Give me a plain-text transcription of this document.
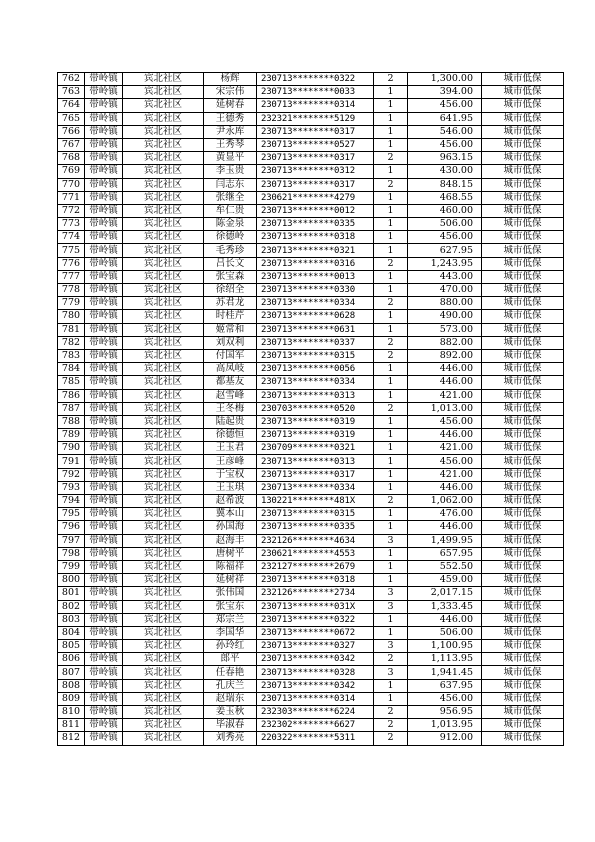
762	带岭镇	宾北社区	杨辉	230713********0322	2	1,300.00	城市低保
763	带岭镇	宾北社区	宋宗伟	230713********0033	1	394.00	城市低保
764	带岭镇	宾北社区	延树春	230713********0314	1	456.00	城市低保
765	带岭镇	宾北社区	王德秀	232321********5129	1	641.95	城市低保
766	带岭镇	宾北社区	尹永库	230713********0317	1	546.00	城市低保
767	带岭镇	宾北社区	王秀琴	230713********0527	1	456.00	城市低保
768	带岭镇	宾北社区	黄显平	230713********0317	2	963.15	城市低保
769	带岭镇	宾北社区	李玉贵	230713********0312	1	430.00	城市低保
770	带岭镇	宾北社区	闫志东	230713********0317	2	848.15	城市低保
771	带岭镇	宾北社区	张继全	230621********4279	1	468.55	城市低保
772	带岭镇	宾北社区	牟仁贵	230713********0012	1	460.00	城市低保
773	带岭镇	宾北社区	陈金泉	230713********0335	1	506.00	城市低保
774	带岭镇	宾北社区	徐德岭	230713********0318	1	456.00	城市低保
775	带岭镇	宾北社区	毛秀珍	230713********0321	1	627.95	城市低保
776	带岭镇	宾北社区	吕长文	230713********0316	2	1,243.95	城市低保
777	带岭镇	宾北社区	张宝森	230713********0013	1	443.00	城市低保
778	带岭镇	宾北社区	徐绍全	230713********0330	1	470.00	城市低保
779	带岭镇	宾北社区	苏君龙	230713********0334	2	880.00	城市低保
780	带岭镇	宾北社区	时桂芹	230713********0628	1	490.00	城市低保
781	带岭镇	宾北社区	姬常和	230713********0631	1	573.00	城市低保
782	带岭镇	宾北社区	刘双利	230713********0337	2	882.00	城市低保
783	带岭镇	宾北社区	付国军	230713********0315	2	892.00	城市低保
784	带岭镇	宾北社区	高凤岐	230713********0056	1	446.00	城市低保
785	带岭镇	宾北社区	都基友	230713********0334	1	446.00	城市低保
786	带岭镇	宾北社区	赵雪峰	230713********0313	1	421.00	城市低保
787	带岭镇	宾北社区	王冬梅	230703********0520	2	1,013.00	城市低保
788	带岭镇	宾北社区	陆起贵	230713********0319	1	456.00	城市低保
789	带岭镇	宾北社区	徐德恒	230713********0319	1	446.00	城市低保
790	带岭镇	宾北社区	王玉君	230709********0321	1	421.00	城市低保
791	带岭镇	宾北社区	王彦峰	230713********0313	1	456.00	城市低保
792	带岭镇	宾北社区	于宝权	230713********0317	1	421.00	城市低保
793	带岭镇	宾北社区	王玉琪	230713********0334	1	446.00	城市低保
794	带岭镇	宾北社区	赵希波	130221********481X	2	1,062.00	城市低保
795	带岭镇	宾北社区	冀本山	230713********0315	1	476.00	城市低保
796	带岭镇	宾北社区	孙国海	230713********0335	1	446.00	城市低保
797	带岭镇	宾北社区	赵海丰	232126********4634	3	1,499.95	城市低保
798	带岭镇	宾北社区	唐树平	230621********4553	1	657.95	城市低保
799	带岭镇	宾北社区	陈福祥	232127********2679	1	552.50	城市低保
800	带岭镇	宾北社区	延树祥	230713********0318	1	459.00	城市低保
801	带岭镇	宾北社区	张伟国	232126********2734	3	2,017.15	城市低保
802	带岭镇	宾北社区	张宝东	230713********031X	3	1,333.45	城市低保
803	带岭镇	宾北社区	郑宗兰	230713********0322	1	446.00	城市低保
804	带岭镇	宾北社区	李国华	230713********0672	1	506.00	城市低保
805	带岭镇	宾北社区	孙玲红	230713********0327	3	1,100.95	城市低保
806	带岭镇	宾北社区	郎平	230713********0342	2	1,113.95	城市低保
807	带岭镇	宾北社区	任春艳	230713********0328	3	1,941.45	城市低保
808	带岭镇	宾北社区	孔庆兰	230713********0342	1	637.95	城市低保
809	带岭镇	宾北社区	赵瑞东	230713********0314	1	456.00	城市低保
810	带岭镇	宾北社区	姜玉秋	232303********6224	2	956.95	城市低保
811	带岭镇	宾北社区	毕淑春	232302********6627	2	1,013.95	城市低保
812	带岭镇	宾北社区	刘秀亮	220322********5311	2	912.00	城市低保
